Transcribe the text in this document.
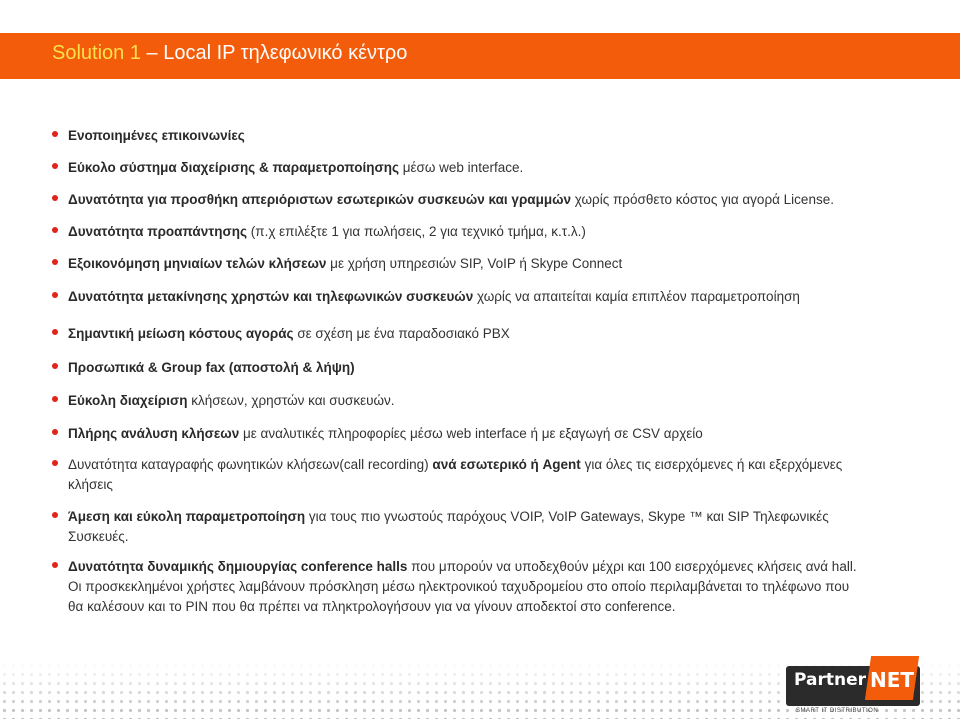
Solution 1 – Local IP τηλεφωνικό κέντρο
Ενοποιημένες επικοινωνίες
Εύκολο σύστημα διαχείρισης & παραμετροποίησης μέσω web interface.
Δυνατότητα για προσθήκη απεριόριστων εσωτερικών συσκευών και γραμμών χωρίς πρόσθετο κόστος για αγορά License.
Δυνατότητα προαπάντησης (π.χ επιλέξτε 1 για πωλήσεις, 2 για τεχνικό τμήμα, κ.τ.λ.)
Εξοικονόμηση μηνιαίων τελών κλήσεων με χρήση υπηρεσιών SIP, VoIP ή Skype Connect
Δυνατότητα μετακίνησης χρηστών και τηλεφωνικών συσκευών χωρίς να απαιτείται καμία επιπλέον παραμετροποίηση
Σημαντική μείωση κόστους αγοράς σε σχέση με ένα παραδοσιακό PBX
Προσωπικά & Group fax (αποστολή & λήψη)
Εύκολη διαχείριση κλήσεων, χρηστών και συσκευών.
Πλήρης ανάλυση κλήσεων με αναλυτικές πληροφορίες μέσω web interface ή με εξαγωγή σε CSV αρχείο
Δυνατότητα καταγραφής φωνητικών κλήσεων(call recording) ανά εσωτερικό ή Agent για όλες τις εισερχόμενες ή και εξερχόμενες κλήσεις
Άμεση και εύκολη παραμετροποίηση για τους πιο γνωστούς παρόχους VOIP, VoIP Gateways, Skype ™ και SIP Τηλεφωνικές Συσκευές.
Δυνατότητα δυναμικής δημιουργίας conference halls που μπορούν να υποδεχθούν μέχρι και 100 εισερχόμενες κλήσεις ανά hall. Οι προσκεκλημένοι χρήστες λαμβάνουν πρόσκληση μέσω ηλεκτρονικού ταχυδρομείου στο οποίο περιλαμβάνεται το τηλέφωνο που θα καλέσουν και το PIN που θα πρέπει να πληκτρολογήσουν για να γίνουν αποδεκτοί στο conference.
Partner NET
SMART IT DISTRIBUTION
